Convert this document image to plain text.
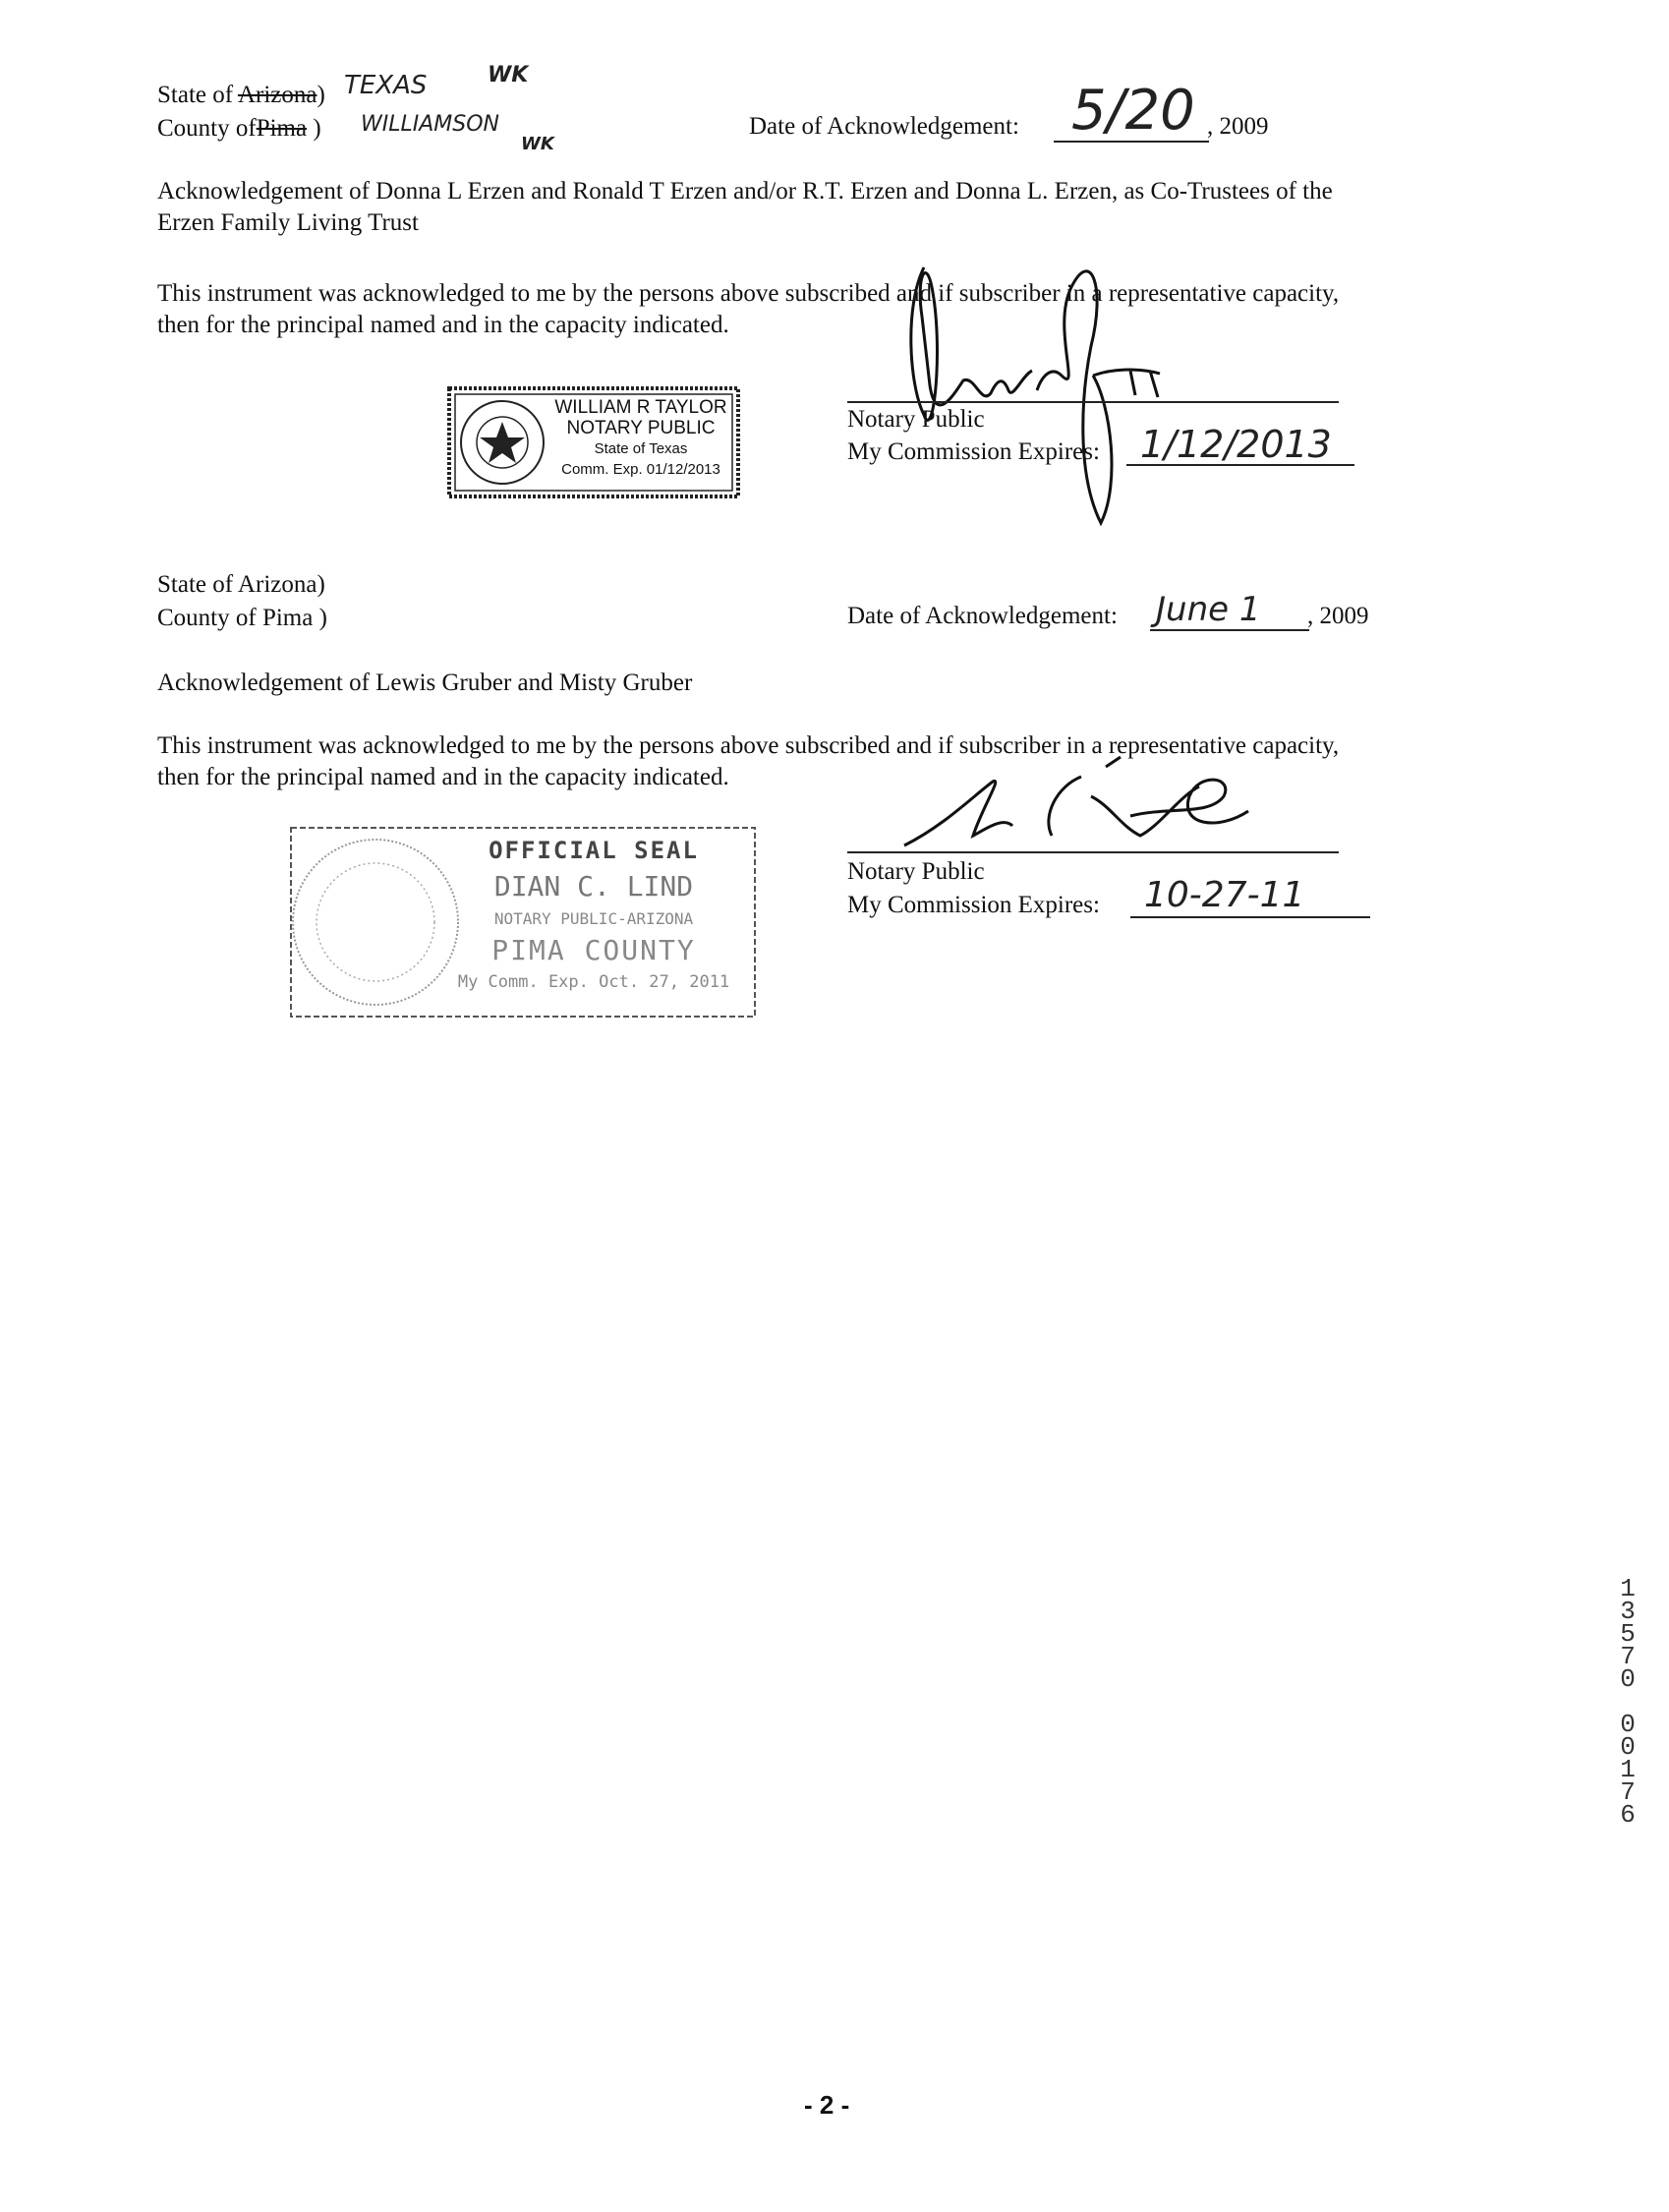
State of Arizona) TEXAS	WK
County ofPima ) WILLIAMSON
WK
Date of Acknowledgement: 5/20 , 2009
Acknowledgement of Donna L Erzen and Ronald T Erzen and/or R.T. Erzen and Donna L. Erzen, as Co-Trustees of the
Erzen Family Living Trust
This instrument was acknowledged to me by the persons above subscribed and if subscriber in a representative capacity,
then for the principal named and in the capacity indicated.
WILLIAM R TAYLOR
NOTARY PUBLIC
State of Texas
Comm. Exp. 01/12/2013
Notary Public
My Commission Expires: 1/12/2013
State of Arizona)
County of Pima )	Date of Acknowledgement: June 1 , 2009
Acknowledgement of Lewis Gruber and Misty Gruber
This instrument was acknowledged to me by the persons above subscribed and if subscriber in a representative capacity,
then for the principal named and in the capacity indicated.
OFFICIAL SEAL
DIAN C. LIND
NOTARY PUBLIC-ARIZONA
PIMA COUNTY
My Comm. Exp. Oct. 27, 2011
Notary Public
My Commission Expires: 10-27-11
1
3
5
7
0
0
0
1
7
6
- 2 -
